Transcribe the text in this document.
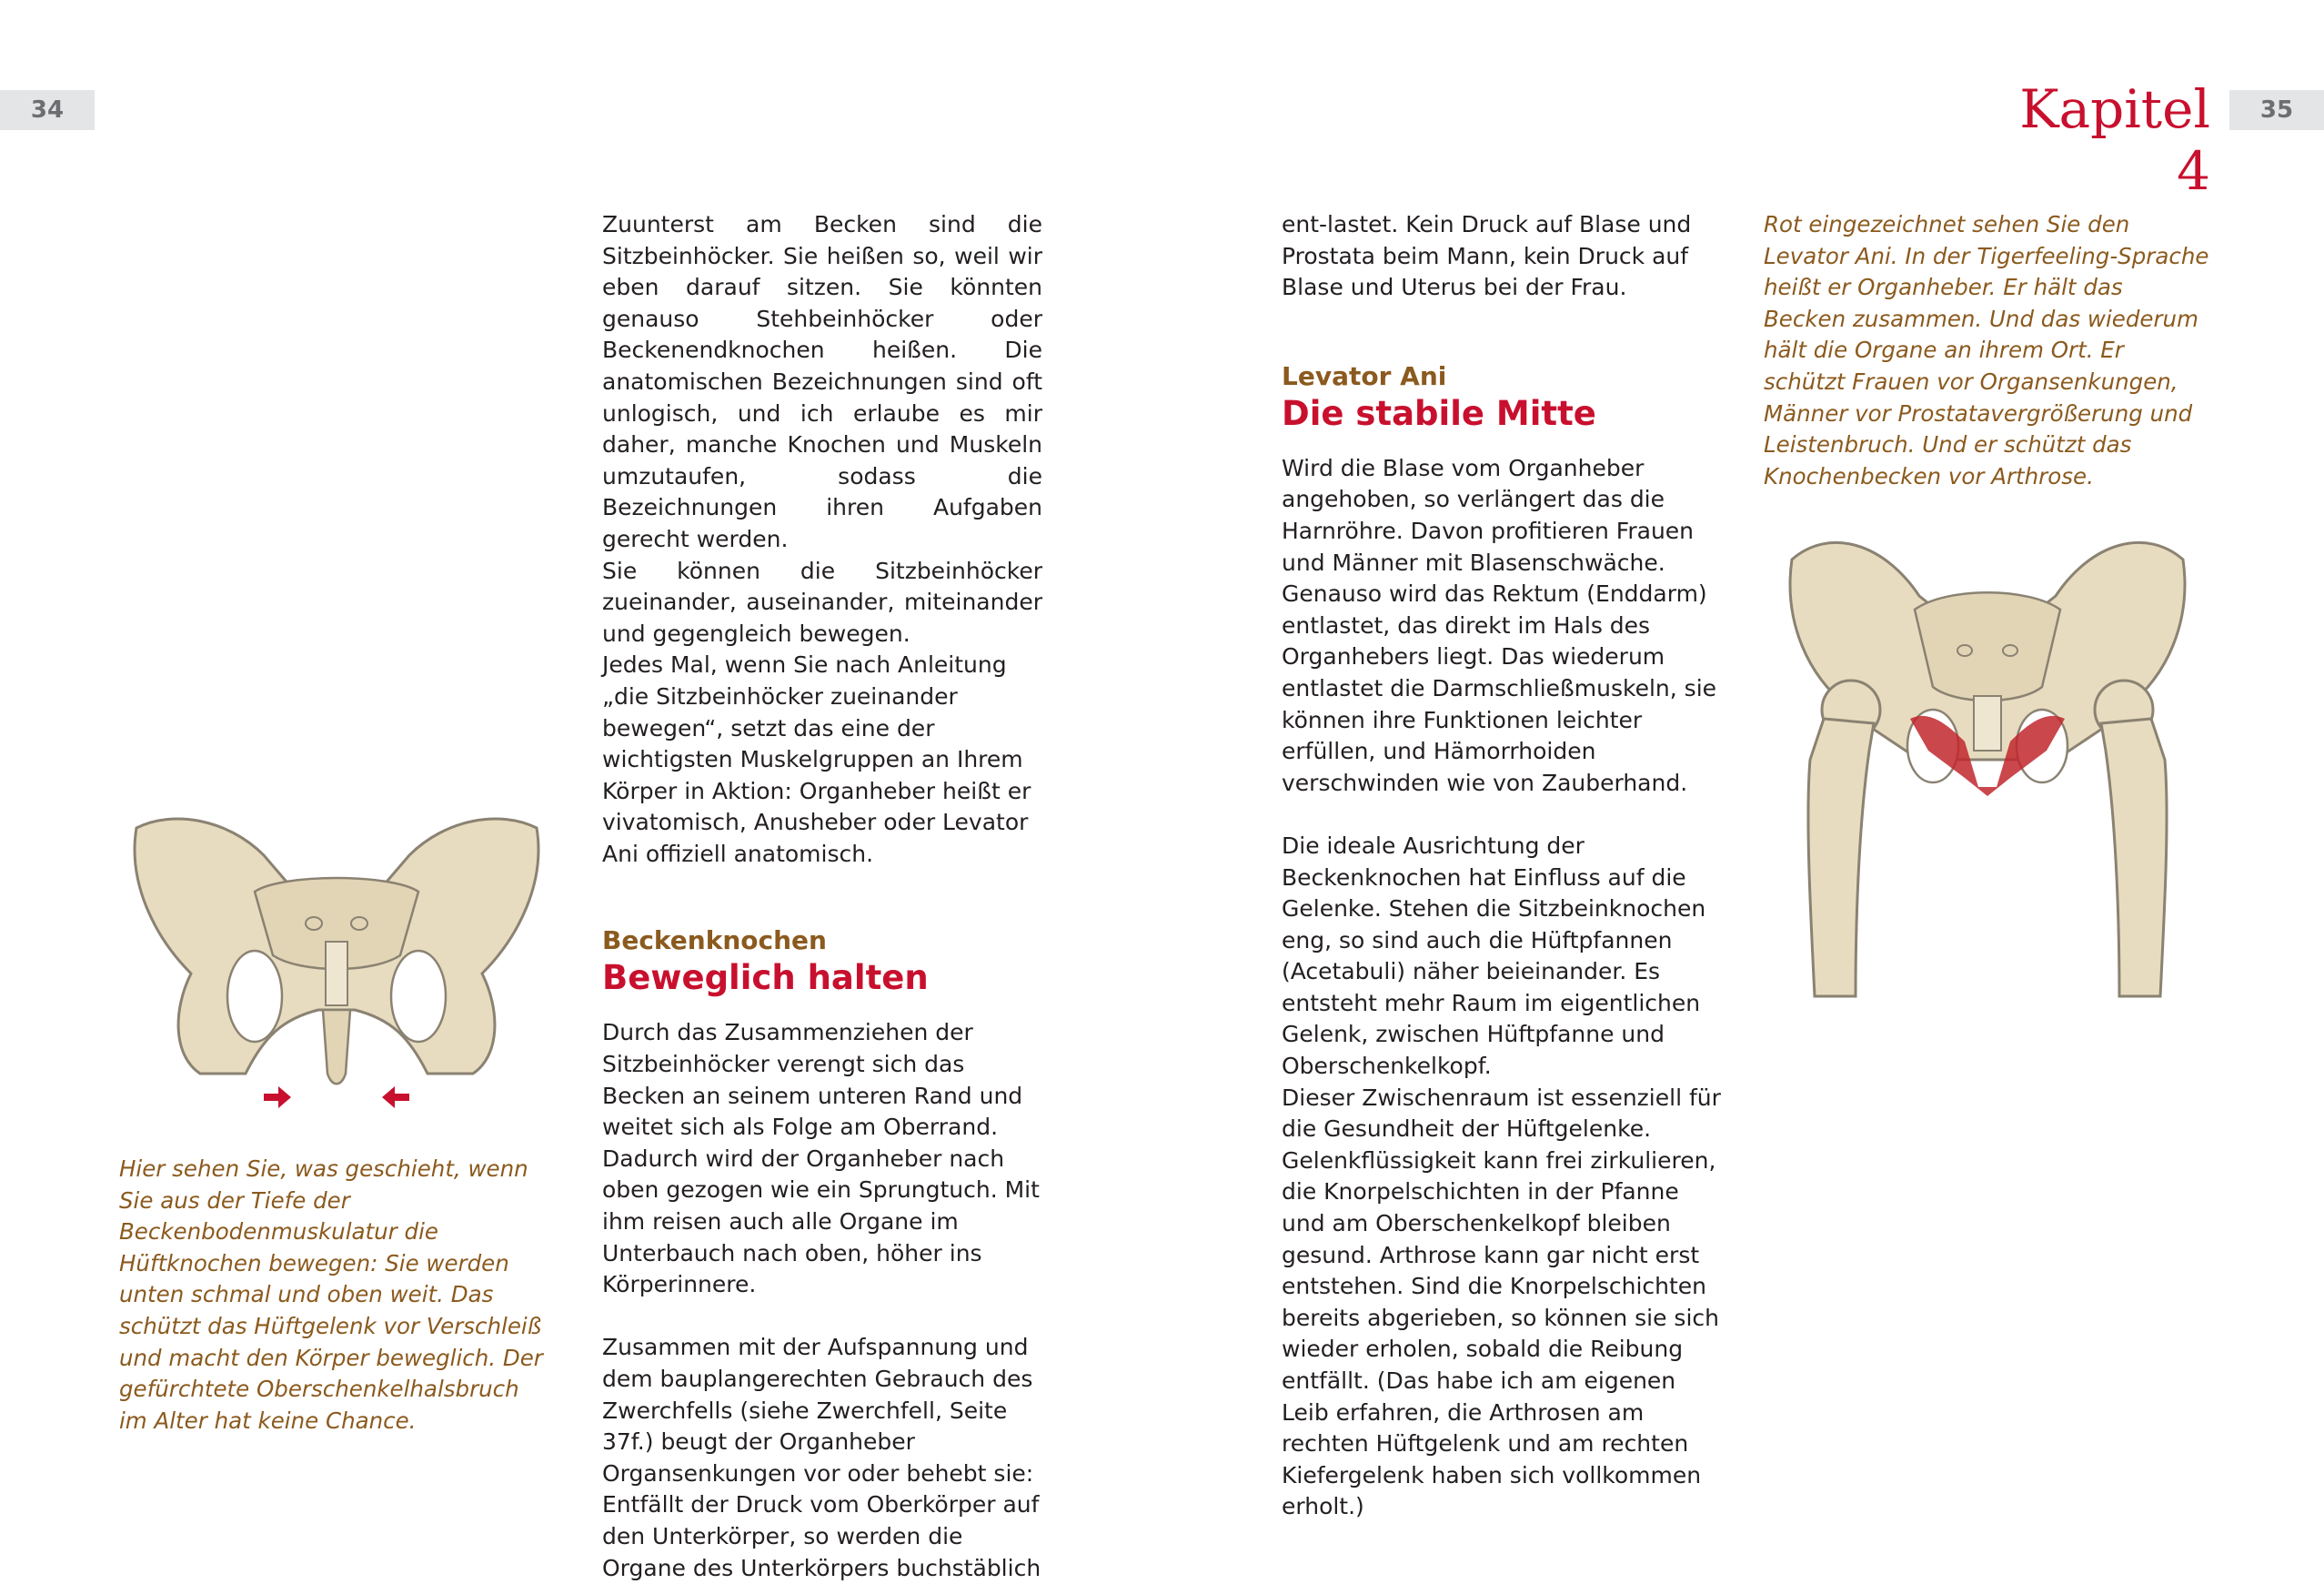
34	35
Kapitel 4

Zuunterst am Becken sind die Sitzbeinhöcker. Sie heißen so, weil wir eben darauf sitzen. Sie könnten genauso Stehbeinhöcker oder Beckenendknochen heißen. Die anatomischen Bezeichnungen sind oft unlogisch, und ich erlaube es mir daher, manche Knochen und Muskeln umzutaufen, sodass die Bezeichnungen ihren Aufgaben gerecht werden.

Sie können die Sitzbeinhöcker zueinander, auseinander, miteinander und gegengleich bewegen.

Jedes Mal, wenn Sie nach Anleitung „die Sitzbeinhöcker zueinander bewegen“, setzt das eine der wichtigsten Muskelgruppen an Ihrem Körper in Aktion: Organheber heißt er vivatomisch, Anusheber oder Levator Ani offiziell anatomisch.

Beckenknochen
Beweglich halten

Durch das Zusammenziehen der Sitzbeinhöcker verengt sich das Becken an seinem unteren Rand und weitet sich als Folge am Oberrand. Dadurch wird der Organheber nach oben gezogen wie ein Sprungtuch. Mit ihm reisen auch alle Organe im Unterbauch nach oben, höher ins Körperinnere.

Zusammen mit der Aufspannung und dem bauplangerechten Gebrauch des Zwerchfells (siehe Zwerchfell, Seite 37f.) beugt der Organheber Organsenkungen vor oder behebt sie: Entfällt der Druck vom Oberkörper auf den Unterkörper, so werden die Organe des Unterkörpers buchstäblich

ent-lastet. Kein Druck auf Blase und Prostata beim Mann, kein Druck auf Blase und Uterus bei der Frau.

Levator Ani
Die stabile Mitte

Wird die Blase vom Organheber angehoben, so verlängert das die Harnröhre. Davon profitieren Frauen und Männer mit Blasenschwäche. Genauso wird das Rektum (Enddarm) entlastet, das direkt im Hals des Organhebers liegt. Das wiederum entlastet die Darmschließmuskeln, sie können ihre Funktionen leichter erfüllen, und Hämorrhoiden verschwinden wie von Zauberhand.

Die ideale Ausrichtung der Beckenknochen hat Einfluss auf die Gelenke. Stehen die Sitzbeinknochen eng, so sind auch die Hüftpfannen (Acetabuli) näher beieinander. Es entsteht mehr Raum im eigentlichen Gelenk, zwischen Hüftpfanne und Oberschenkelkopf.

Dieser Zwischenraum ist essenziell für die Gesundheit der Hüftgelenke. Gelenkflüssigkeit kann frei zirkulieren, die Knorpelschichten in der Pfanne und am Oberschenkelkopf bleiben gesund. Arthrose kann gar nicht erst entstehen. Sind die Knorpelschichten bereits abgerieben, so können sie sich wieder erholen, sobald die Reibung entfällt. (Das habe ich am eigenen Leib erfahren, die Arthrosen am rechten Hüftgelenk und am rechten Kiefergelenk haben sich vollkommen erholt.)

Hier sehen Sie, was geschieht, wenn Sie aus der Tiefe der Beckenbodenmuskulatur die Hüftknochen bewegen: Sie werden unten schmal und oben weit. Das schützt das Hüftgelenk vor Verschleiß und macht den Körper beweglich. Der gefürchtete Oberschenkelhalsbruch im Alter hat keine Chance.

Rot eingezeichnet sehen Sie den Levator Ani. In der Tigerfeeling-Sprache heißt er Organheber. Er hält das Becken zusammen. Und das wiederum hält die Organe an ihrem Ort. Er schützt Frauen vor Organsenkungen, Männer vor Prostatavergrößerung und Leistenbruch. Und er schützt das Knochenbecken vor Arthrose.
